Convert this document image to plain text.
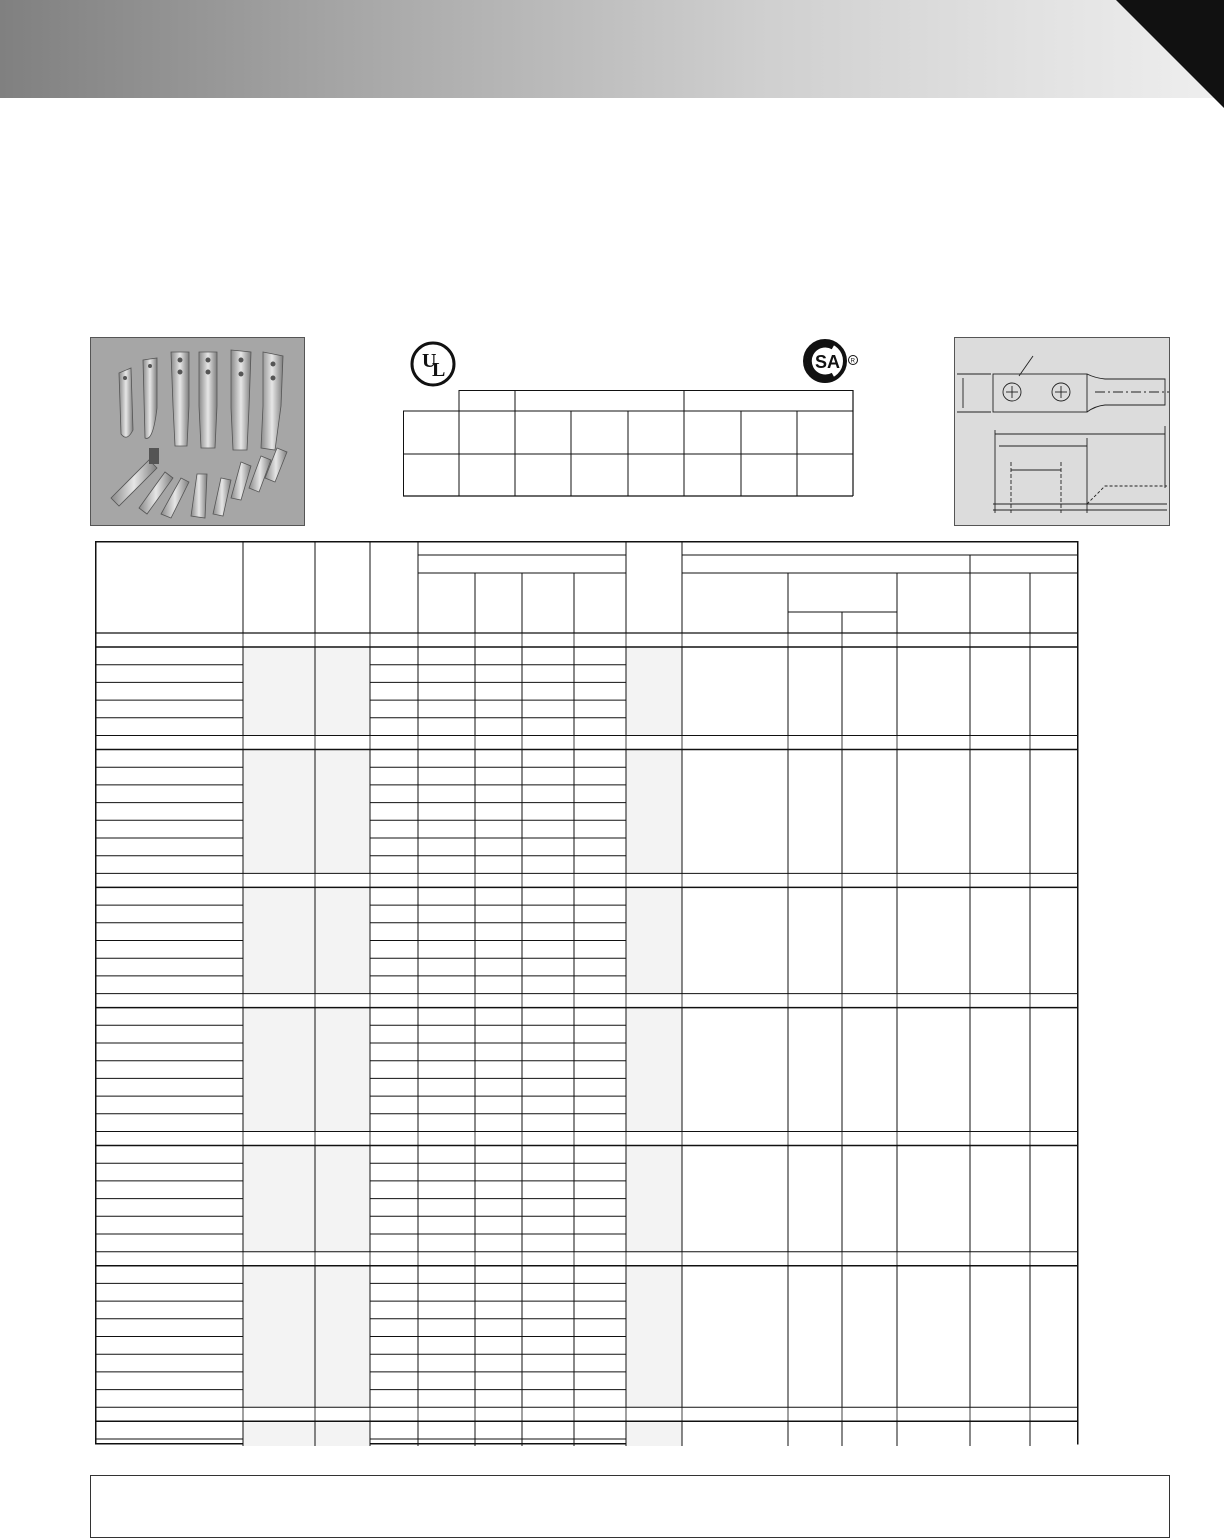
U
L	SA R
